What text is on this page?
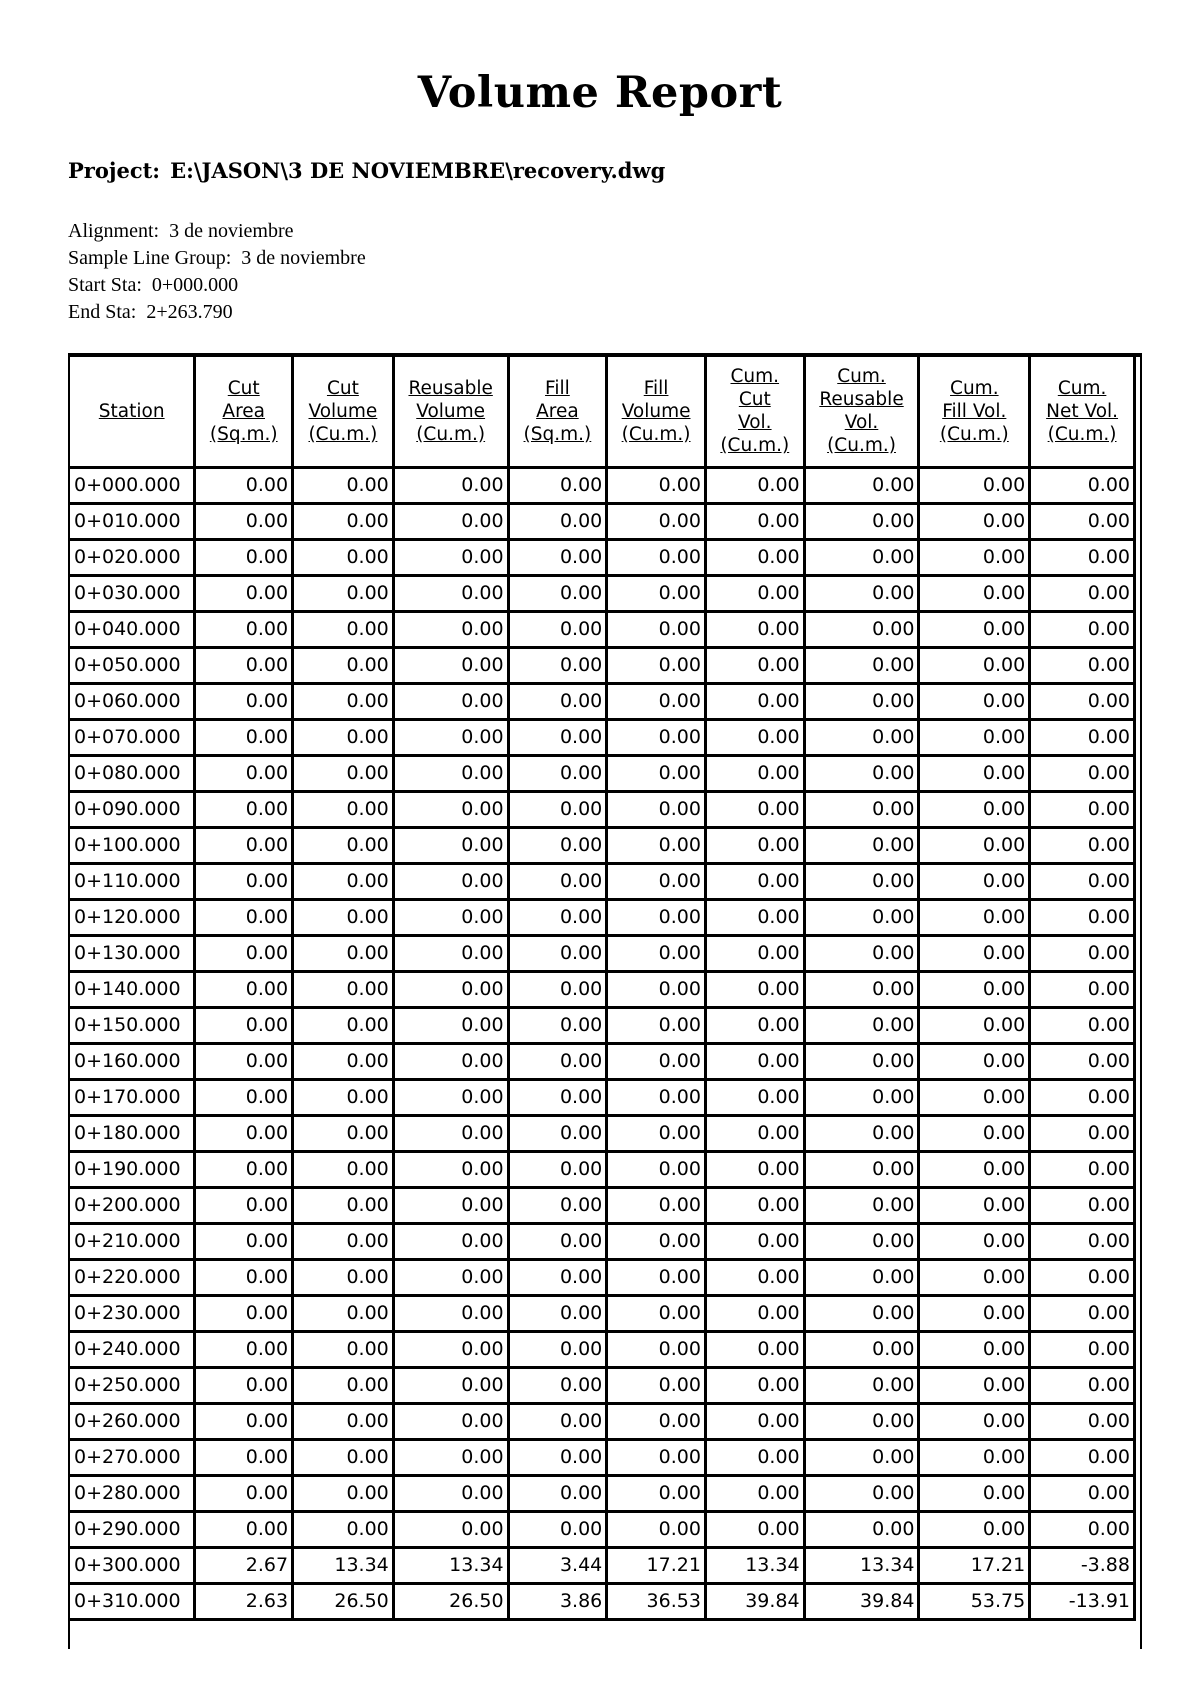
Volume Report
Project: E:\JASON\3 DE NOVIEMBRE\recovery.dwg
Alignment:  3 de noviembre
Sample Line Group:  3 de noviembre
Start Sta:  0+000.000
End Sta:  2+263.790
Station	Cut
Area
(Sq.m.)	Cut
Volume
(Cu.m.)	Reusable
Volume
(Cu.m.)	Fill
Area
(Sq.m.)	Fill
Volume
(Cu.m.)	Cum.
Cut
Vol.
(Cu.m.)	Cum.
Reusable
Vol.
(Cu.m.)	Cum.
Fill Vol.
(Cu.m.)	Cum.
Net Vol.
(Cu.m.)

0+000.000	0.00	0.00	0.00	0.00	0.00	0.00	0.00	0.00	0.00
0+010.000	0.00	0.00	0.00	0.00	0.00	0.00	0.00	0.00	0.00
0+020.000	0.00	0.00	0.00	0.00	0.00	0.00	0.00	0.00	0.00
0+030.000	0.00	0.00	0.00	0.00	0.00	0.00	0.00	0.00	0.00
0+040.000	0.00	0.00	0.00	0.00	0.00	0.00	0.00	0.00	0.00
0+050.000	0.00	0.00	0.00	0.00	0.00	0.00	0.00	0.00	0.00
0+060.000	0.00	0.00	0.00	0.00	0.00	0.00	0.00	0.00	0.00
0+070.000	0.00	0.00	0.00	0.00	0.00	0.00	0.00	0.00	0.00
0+080.000	0.00	0.00	0.00	0.00	0.00	0.00	0.00	0.00	0.00
0+090.000	0.00	0.00	0.00	0.00	0.00	0.00	0.00	0.00	0.00
0+100.000	0.00	0.00	0.00	0.00	0.00	0.00	0.00	0.00	0.00
0+110.000	0.00	0.00	0.00	0.00	0.00	0.00	0.00	0.00	0.00
0+120.000	0.00	0.00	0.00	0.00	0.00	0.00	0.00	0.00	0.00
0+130.000	0.00	0.00	0.00	0.00	0.00	0.00	0.00	0.00	0.00
0+140.000	0.00	0.00	0.00	0.00	0.00	0.00	0.00	0.00	0.00
0+150.000	0.00	0.00	0.00	0.00	0.00	0.00	0.00	0.00	0.00
0+160.000	0.00	0.00	0.00	0.00	0.00	0.00	0.00	0.00	0.00
0+170.000	0.00	0.00	0.00	0.00	0.00	0.00	0.00	0.00	0.00
0+180.000	0.00	0.00	0.00	0.00	0.00	0.00	0.00	0.00	0.00
0+190.000	0.00	0.00	0.00	0.00	0.00	0.00	0.00	0.00	0.00
0+200.000	0.00	0.00	0.00	0.00	0.00	0.00	0.00	0.00	0.00
0+210.000	0.00	0.00	0.00	0.00	0.00	0.00	0.00	0.00	0.00
0+220.000	0.00	0.00	0.00	0.00	0.00	0.00	0.00	0.00	0.00
0+230.000	0.00	0.00	0.00	0.00	0.00	0.00	0.00	0.00	0.00
0+240.000	0.00	0.00	0.00	0.00	0.00	0.00	0.00	0.00	0.00
0+250.000	0.00	0.00	0.00	0.00	0.00	0.00	0.00	0.00	0.00
0+260.000	0.00	0.00	0.00	0.00	0.00	0.00	0.00	0.00	0.00
0+270.000	0.00	0.00	0.00	0.00	0.00	0.00	0.00	0.00	0.00
0+280.000	0.00	0.00	0.00	0.00	0.00	0.00	0.00	0.00	0.00
0+290.000	0.00	0.00	0.00	0.00	0.00	0.00	0.00	0.00	0.00
0+300.000	2.67	13.34	13.34	3.44	17.21	13.34	13.34	17.21	-3.88
0+310.000	2.63	26.50	26.50	3.86	36.53	39.84	39.84	53.75	-13.91
